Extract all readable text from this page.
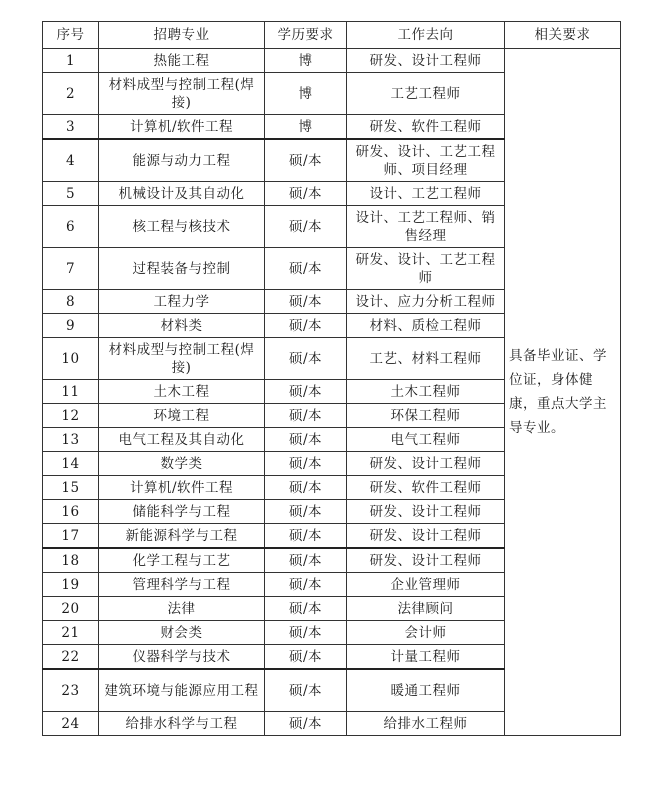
序号	招聘专业	学历要求	工作去向	相关要求
1	热能工程	博	研发、设计工程师	具备毕业证、学位证，身体健康，重点大学主导专业。
2	材料成型与控制工程(焊接)	博	工艺工程师	
3	计算机/软件工程	博	研发、软件工程师	
4	能源与动力工程	硕/本	研发、设计、工艺工程师、项目经理	
5	机械设计及其自动化	硕/本	设计、工艺工程师	
6	核工程与核技术	硕/本	设计、工艺工程师、销售经理	
7	过程装备与控制	硕/本	研发、设计、工艺工程师	
8	工程力学	硕/本	设计、应力分析工程师	
9	材料类	硕/本	材料、质检工程师	
10	材料成型与控制工程(焊接)	硕/本	工艺、材料工程师	
11	土木工程	硕/本	土木工程师	
12	环境工程	硕/本	环保工程师	
13	电气工程及其自动化	硕/本	电气工程师	
14	数学类	硕/本	研发、设计工程师	
15	计算机/软件工程	硕/本	研发、软件工程师	
16	储能科学与工程	硕/本	研发、设计工程师	
17	新能源科学与工程	硕/本	研发、设计工程师	
18	化学工程与工艺	硕/本	研发、设计工程师	
19	管理科学与工程	硕/本	企业管理师	
20	法律	硕/本	法律顾问	
21	财会类	硕/本	会计师	
22	仪器科学与技术	硕/本	计量工程师	
23	建筑环境与能源应用工程	硕/本	暖通工程师	
24	给排水科学与工程	硕/本	给排水工程师	
